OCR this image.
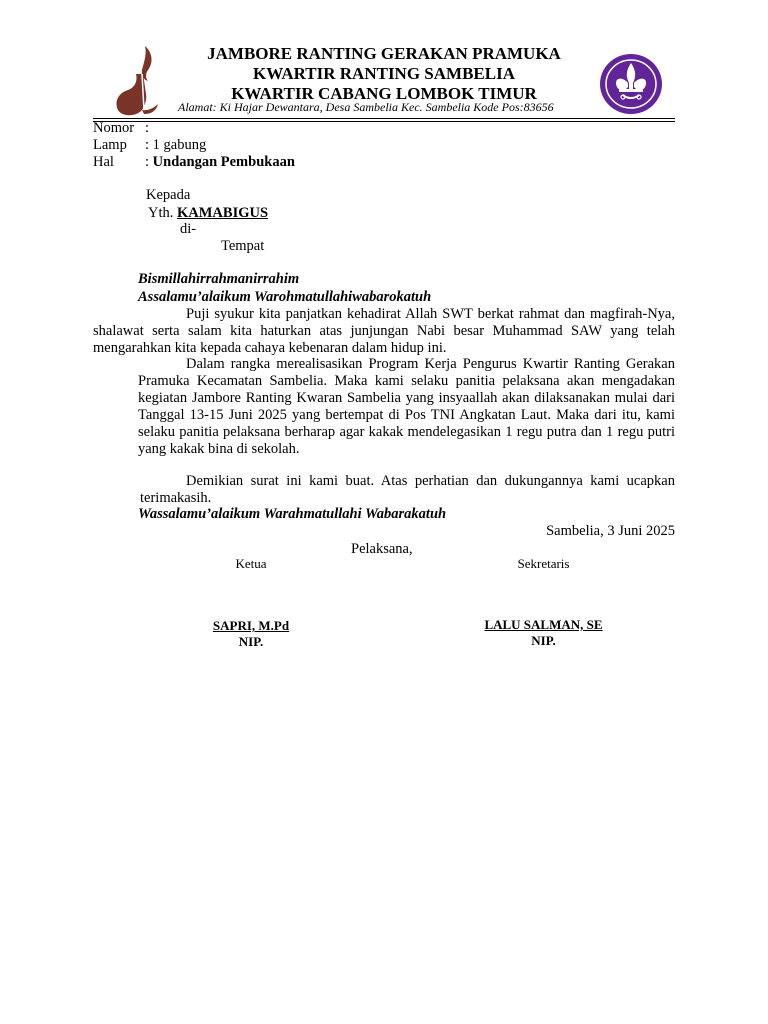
JAMBORE RANTING GERAKAN PRAMUKA
KWARTIR RANTING SAMBELIA
KWARTIR CABANG LOMBOK TIMUR
Alamat: Ki Hajar Dewantara, Desa Sambelia Kec. Sambelia Kode Pos:83656
Nomor :
Lamp : 1 gabung
Hal : Undangan Pembukaan
Kepada
Yth. KAMABIGUS
di-
Tempat
Bismillahirrahmanirrahim
Assalamu’alaikum Warohmatullahiwabarokatuh
Puji syukur kita panjatkan kehadirat Allah SWT berkat rahmat dan magfirah-Nya, shalawat serta salam kita haturkan atas junjungan Nabi besar Muhammad SAW yang telah mengarahkan kita kepada cahaya kebenaran dalam hidup ini.
Dalam rangka merealisasikan Program Kerja Pengurus Kwartir Ranting Gerakan Pramuka Kecamatan Sambelia. Maka kami selaku panitia pelaksana akan mengadakan kegiatan Jambore Ranting Kwaran Sambelia yang insyaallah akan dilaksanakan mulai dari Tanggal 13-15 Juni 2025 yang bertempat di Pos TNI Angkatan Laut. Maka dari itu, kami selaku panitia pelaksana berharap agar kakak mendelegasikan 1 regu putra dan 1 regu putri yang kakak bina di sekolah.
Demikian surat ini kami buat. Atas perhatian dan dukungannya kami ucapkan terimakasih.
Wassalamu’alaikum Warahmatullahi Wabarakatuh
Sambelia, 3 Juni 2025
Pelaksana,
Ketua	Sekretaris
SAPRI, M.Pd
NIP.
LALU SALMAN, SE
NIP.
